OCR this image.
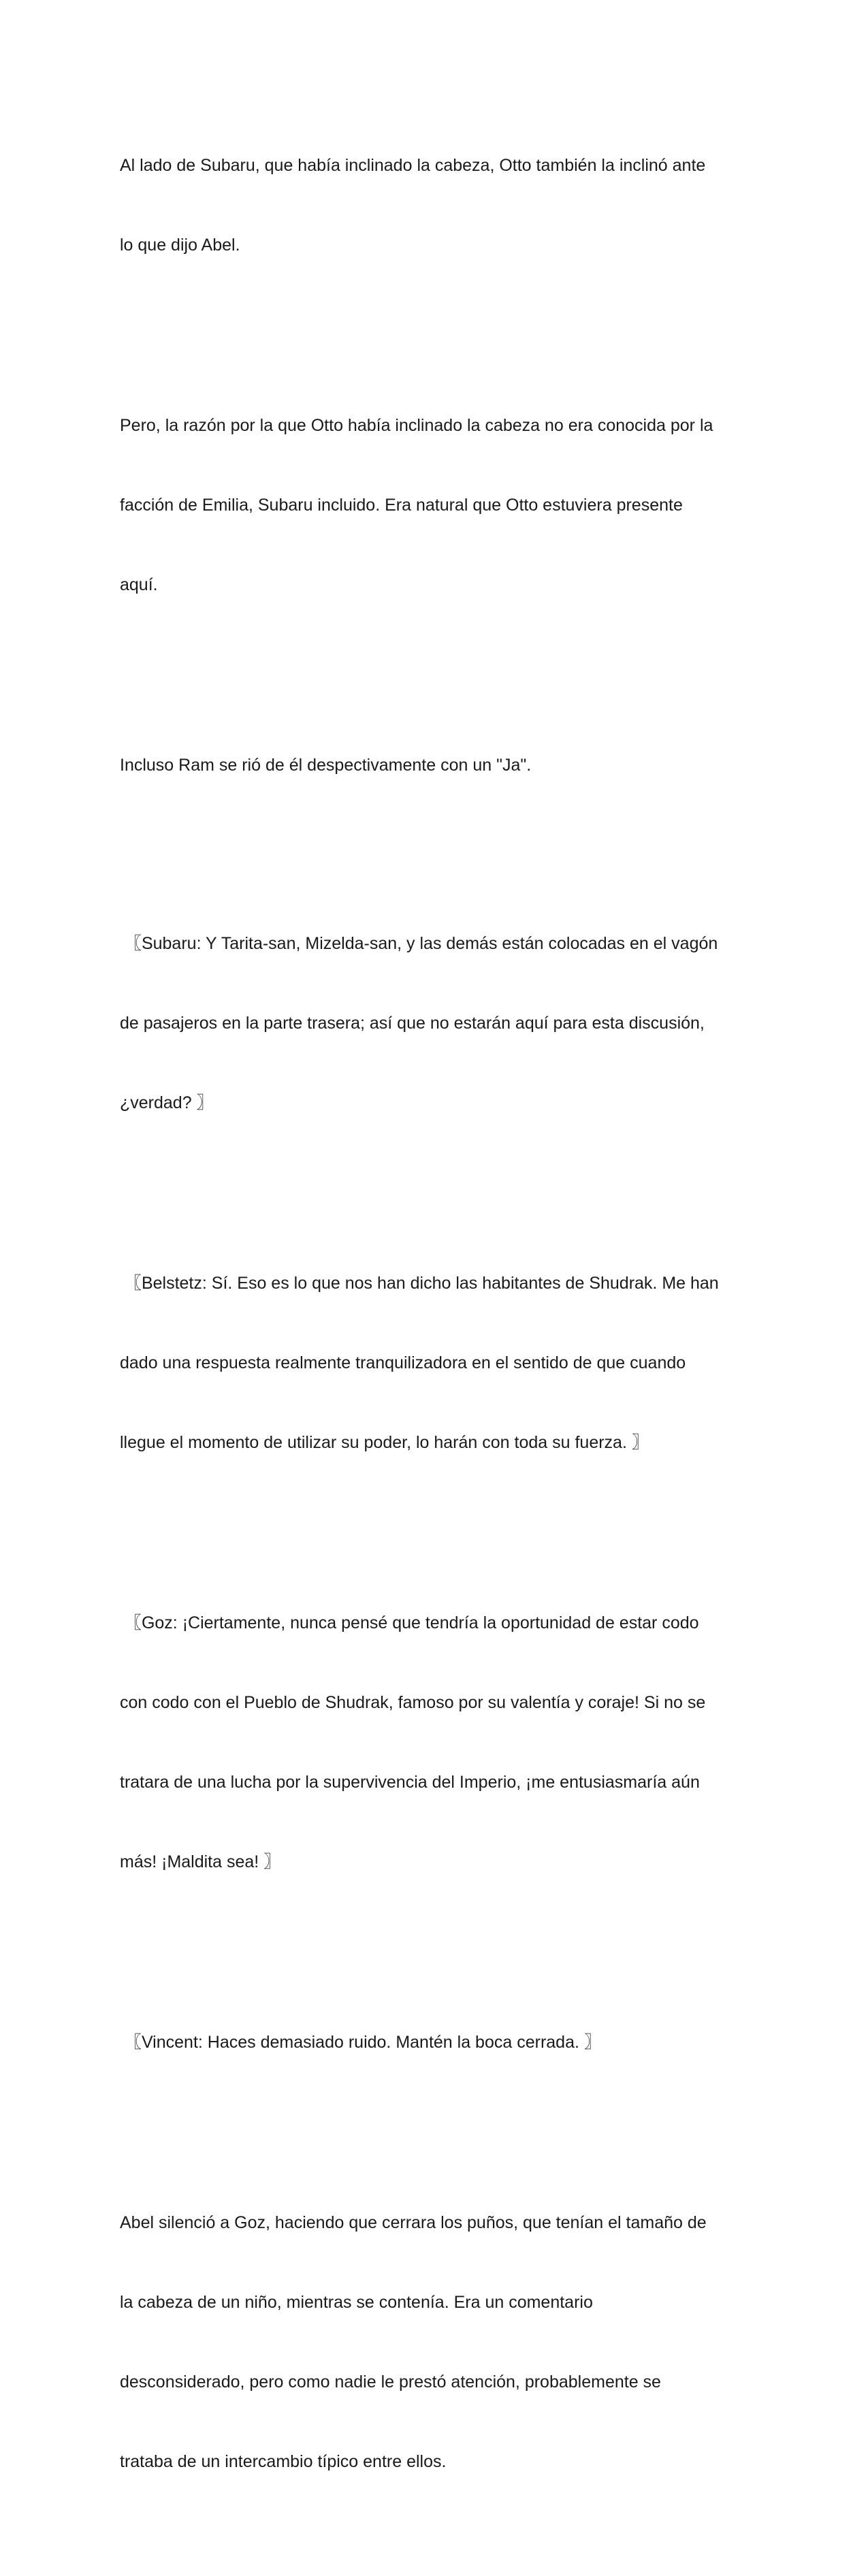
Al lado de Subaru, que había inclinado la cabeza, Otto también la inclinó ante

lo que dijo Abel.

Pero, la razón por la que Otto había inclinado la cabeza no era conocida por la

facción de Emilia, Subaru incluido. Era natural que Otto estuviera presente

aquí.

Incluso Ram se rió de él despectivamente con un "Ja".

〖Subaru: Y Tarita-san, Mizelda-san, y las demás están colocadas en el vagón

de pasajeros en la parte trasera; así que no estarán aquí para esta discusión,

¿verdad? 〗

〖Belstetz: Sí. Eso es lo que nos han dicho las habitantes de Shudrak. Me han

dado una respuesta realmente tranquilizadora en el sentido de que cuando

llegue el momento de utilizar su poder, lo harán con toda su fuerza. 〗

〖Goz: ¡Ciertamente, nunca pensé que tendría la oportunidad de estar codo

con codo con el Pueblo de Shudrak, famoso por su valentía y coraje! Si no se

tratara de una lucha por la supervivencia del Imperio, ¡me entusiasmaría aún

más! ¡Maldita sea! 〗

〖Vincent: Haces demasiado ruido. Mantén la boca cerrada. 〗

Abel silenció a Goz, haciendo que cerrara los puños, que tenían el tamaño de

la cabeza de un niño, mientras se contenía. Era un comentario

desconsiderado, pero como nadie le prestó atención, probablemente se

trataba de un intercambio típico entre ellos.
